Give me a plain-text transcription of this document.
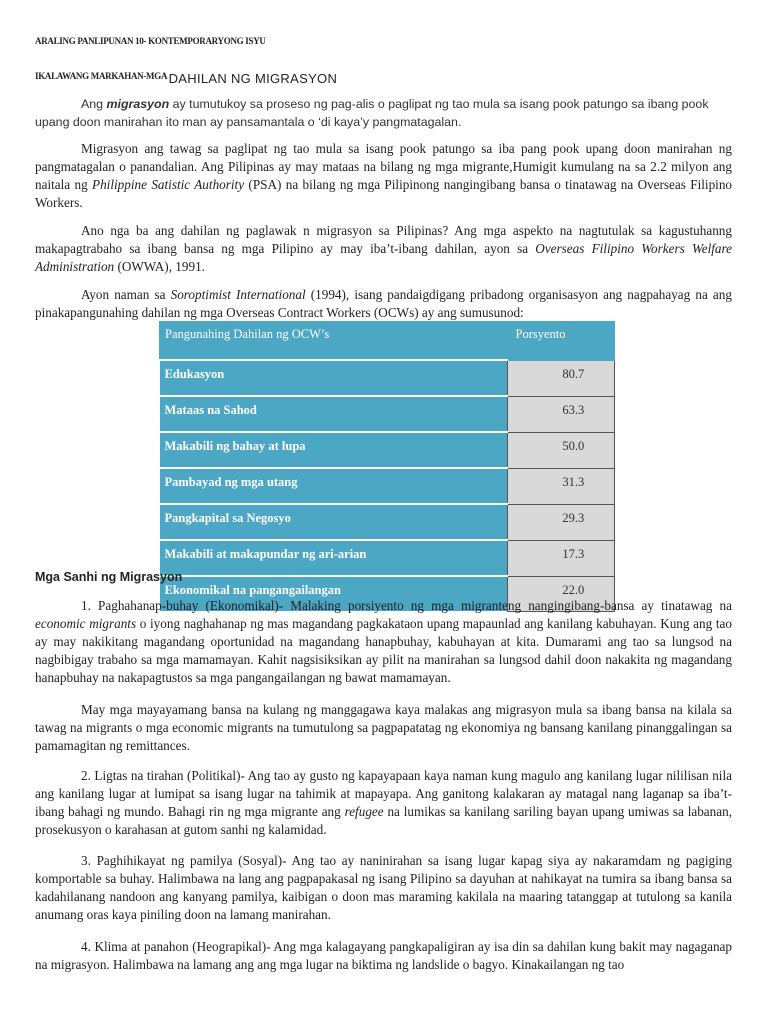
ARALING PANLIPUNAN 10- KONTEMPORARYONG ISYU
IKALAWANG MARKAHAN-MGA $_{DAHILAN NG MIGRASYON}$

Ang migrasyon ay tumutukoy sa proseso ng pag-alis o paglipat ng tao mula sa isang pook patungo sa ibang pook upang doon manirahan ito man ay pansamantala o ‘di kaya’y pangmatagalan.

Migrasyon ang tawag sa paglipat ng tao mula sa isang pook patungo sa iba pang pook upang doon manirahan ng pangmatagalan o panandalian. Ang Pilipinas ay may mataas na bilang ng mga migrante,Humigit kumulang na sa 2.2 milyon ang naitala ng Philippine Satistic Authority (PSA) na bilang ng mga Pilipinong nangingibang bansa o tinatawag na Overseas Filipino Workers.

Ano nga ba ang dahilan ng paglawak n migrasyon sa Pilipinas? Ang mga aspekto na nagtutulak sa kagustuhanng makapagtrabaho sa ibang bansa ng mga Pilipino ay may iba’t-ibang dahilan, ayon sa Overseas Filipino Workers Welfare Administration (OWWA), 1991.

Ayon naman sa Soroptimist International (1994), isang pandaigdigang pribadong organisasyon ang nagpahayag na ang pinakapangunahing dahilan ng mga Overseas Contract Workers (OCWs) ay ang sumusunod:

Pangunahing Dahilan ng OCW’s	Porsyento
Edukasyon	80.7
Mataas na Sahod	63.3
Makabili ng bahay at lupa	50.0
Pambayad ng mga utang	31.3
Pangkapital sa Negosyo	29.3
Makabili at makapundar ng ari-arian	17.3
Ekonomikal na pangangailangan	22.0
Mga Sanhi ng Migrasyon

1. Paghahanap-buhay (Ekonomikal)- Malaking porsiyento ng mga migranteng nangingibang-bansa ay tinatawag na economic migrants o iyong naghahanap ng mas magandang pagkakataon upang mapaunlad ang kanilang kabuhayan. Kung ang tao ay may nakikitang magandang oportunidad na magandang hanapbuhay, kabuhayan at kita. Dumarami ang tao sa lungsod na nagbibigay trabaho sa mga mamamayan. Kahit nagsisiksikan ay pilit na manirahan sa lungsod dahil doon nakakita ng magandang hanapbuhay na nakapagtustos sa mga pangangailangan ng bawat mamamayan.

May mga mayayamang bansa na kulang ng manggagawa kaya malakas ang migrasyon mula sa ibang bansa na kilala sa tawag na migrants o mga economic migrants na tumutulong sa pagpapatatag ng ekonomiya ng bansang kanilang pinanggalingan sa pamamagitan ng remittances.

2. Ligtas na tirahan (Politikal)- Ang tao ay gusto ng kapayapaan kaya naman kung magulo ang kanilang lugar nililisan nila ang kanilang lugar at lumipat sa isang lugar na tahimik at mapayapa. Ang ganitong kalakaran ay matagal nang laganap sa iba’t-ibang bahagi ng mundo. Bahagi rin ng mga migrante ang refugee na lumikas sa kanilang sariling bayan upang umiwas sa labanan, prosekusyon o karahasan at gutom sanhi ng kalamidad.

3. Paghihikayat ng pamilya (Sosyal)- Ang tao ay naninirahan sa isang lugar kapag siya ay nakaramdam ng pagiging komportable sa buhay. Halimbawa na lang ang pagpapakasal ng isang Pilipino sa dayuhan at nahikayat na tumira sa ibang bansa sa kadahilanang nandoon ang kanyang pamilya, kaibigan o doon mas maraming kakilala na maaring tatanggap at tutulong sa kanila anumang oras kaya piniling doon na lamang manirahan.

4. Klima at panahon (Heograpikal)- Ang mga kalagayang pangkapaligiran ay isa din sa dahilan kung bakit may nagaganap na migrasyon. Halimbawa na lamang ang ang mga lugar na biktima ng landslide o bagyo. Kinakailangan ng tao
